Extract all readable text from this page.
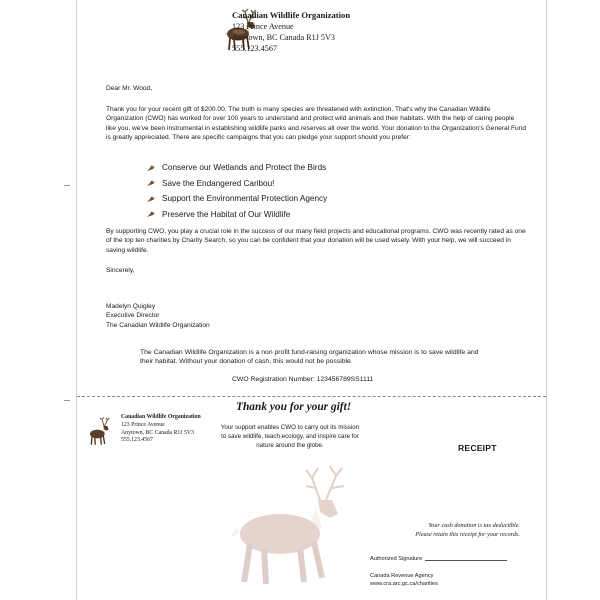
Canadian Wildlife Organization
123 Prince Avenue
Anytown, BC Canada R1J 5V3
555.123.4567
Dear Mr. Wood,
Thank you for your recent gift of $200.00. The truth is many species are threatened with extinction. That's why the Canadian Wildlife Organization (CWO) has worked for over 100 years to understand and protect wild animals and their habitats. With the help of caring people like you, we've been instrumental in establishing wildlife parks and reserves all over the world. Your donation to the Organization's General Fund is greatly appreciated. There are specific campaigns that you can pledge your support should you prefer:
Conserve our Wetlands and Protect the Birds
Save the Endangered Caribou!
Support the Environmental Protection Agency
Preserve the Habitat of Our Wildlife
By supporting CWO, you play a crucial role in the success of our many field projects and educational programs. CWO was recently rated as one of the top ten charities by Charity Search, so you can be confident that your donation will be used wisely. With your help, we will succeed in saving wildlife.
Sincerely,
Madelyn Quigley
Executive Director
The Canadian Wildlife Organization
The Canadian Wildlife Organization is a non profit fund-raising organization whose mission is to save wildlife and their habitat. Without your donation of cash, this would not be possible.
CWO Registration Number: 123456789SS1111
Canadian Wildlife Organization
123 Prince Avenue
Anytown, BC Canada R1J 5V3
555.123.4567
Thank you for your gift!
Your support enables CWO to carry out its mission to save wildlife, teach ecology, and inspire care for nature around the globe.	RECEIPT
Your cash donation is tax deductible.
Please retain this receipt for your records.
Authorized Signature
Canada Revenue Agency
www.cra.arc.gc.ca/charities
